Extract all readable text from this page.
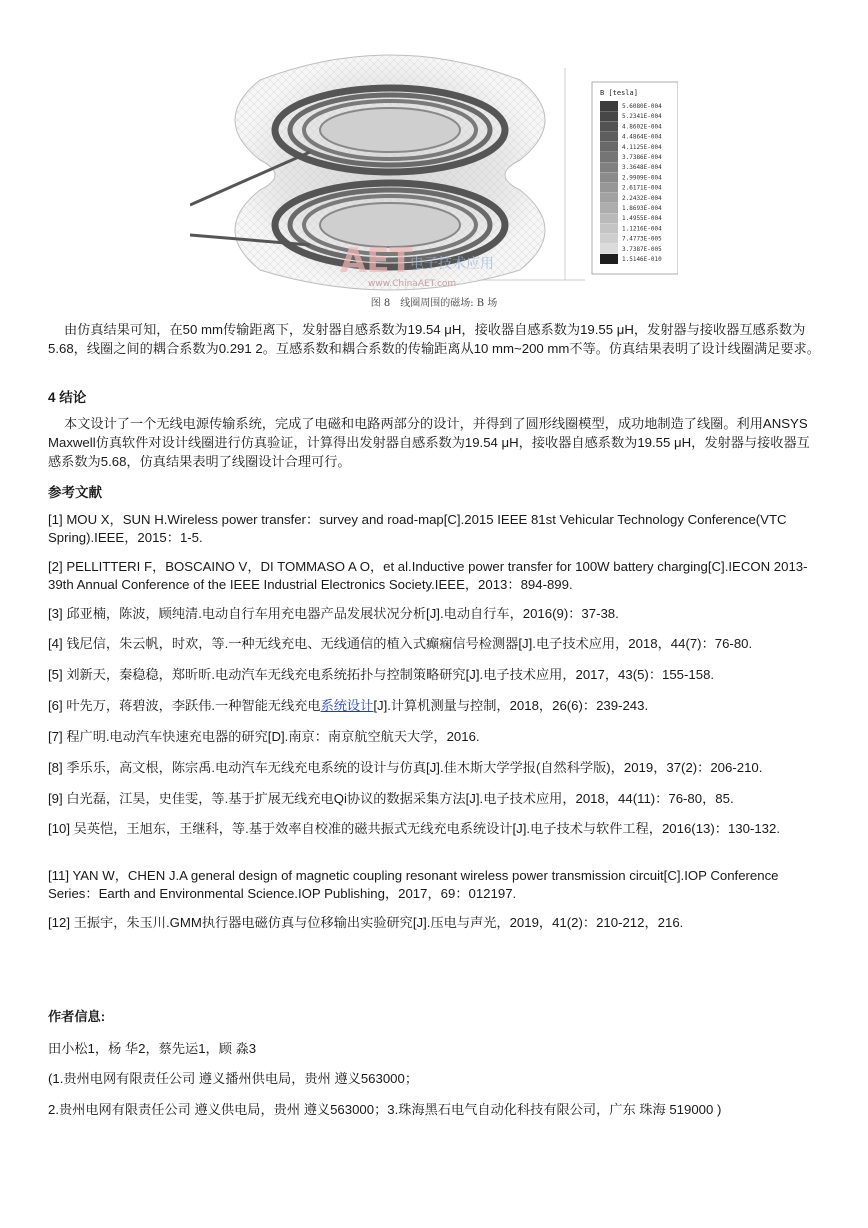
B [tesla]
5.6080E-004
5.2341E-004
4.8602E-004
4.4864E-004
4.1125E-004
3.7386E-004
3.3648E-004
2.9909E-004
2.6171E-004
2.2432E-004
1.8693E-004
1.4955E-004
1.1216E-004
7.4773E-005
3.7387E-005
1.5146E-010
AET
电子技术应用
www.ChinaAET.com
图 8　线圈周围的磁场: B 场
由仿真结果可知，在50 mm传输距离下，发射器自感系数为19.54 μH，接收器自感系数为19.55 μH，发射器与接收器互感系数为5.68，线圈之间的耦合系数为0.291 2。互感系数和耦合系数的传输距离从10 mm~200 mm不等。仿真结果表明了设计线圈满足要求。
4 结论
本文设计了一个无线电源传输系统，完成了电磁和电路两部分的设计，并得到了圆形线圈模型，成功地制造了线圈。利用ANSYS Maxwell仿真软件对设计线圈进行仿真验证，计算得出发射器自感系数为19.54 μH，接收器自感系数为19.55 μH，发射器与接收器互感系数为5.68，仿真结果表明了线圈设计合理可行。
参考文献
[1] MOU X，SUN H.Wireless power transfer：survey and road-map[C].2015 IEEE 81st Vehicular Technology Conference(VTC Spring).IEEE，2015：1-5.
[2] PELLITTERI F，BOSCAINO V，DI TOMMASO A O，et al.Inductive power transfer for 100W battery charging[C].IECON 2013-39th Annual Conference of the IEEE Industrial Electronics Society.IEEE，2013：894-899.
[3] 邱亚楠，陈波，顾纯清.电动自行车用充电器产品发展状况分析[J].电动自行车，2016(9)：37-38.
[4] 钱尼信，朱云帆，时欢，等.一种无线充电、无线通信的植入式癫痫信号检测器[J].电子技术应用，2018，44(7)：76-80.
[5] 刘新天，秦稳稳，郑昕昕.电动汽车无线充电系统拓扑与控制策略研究[J].电子技术应用，2017，43(5)：155-158.
[6] 叶先万，蒋碧波，李跃伟.一种智能无线充电系统设计[J].计算机测量与控制，2018，26(6)：239-243.
[7] 程广明.电动汽车快速充电器的研究[D].南京：南京航空航天大学，2016.
[8] 季乐乐，高文根，陈宗禹.电动汽车无线充电系统的设计与仿真[J].佳木斯大学学报(自然科学版)，2019，37(2)：206-210.
[9] 白光磊，江昊，史佳雯，等.基于扩展无线充电Qi协议的数据采集方法[J].电子技术应用，2018，44(11)：76-80，85.
[10] 吴英恺，王旭东，王继科，等.基于效率自校准的磁共振式无线充电系统设计[J].电子技术与软件工程，2016(13)：130-132.
[11] YAN W，CHEN J.A general design of magnetic coupling resonant wireless power transmission circuit[C].IOP Conference Series：Earth and Environmental Science.IOP Publishing，2017，69：012197.
[12] 王振宇，朱玉川.GMM执行器电磁仿真与位移输出实验研究[J].压电与声光，2019，41(2)：210-212，216.
作者信息:
田小松1，杨 华2，蔡先运1，顾 淼3
(1.贵州电网有限责任公司 遵义播州供电局，贵州 遵义563000；
2.贵州电网有限责任公司 遵义供电局，贵州 遵义563000；3.珠海黑石电气自动化科技有限公司，广东 珠海 519000 )
